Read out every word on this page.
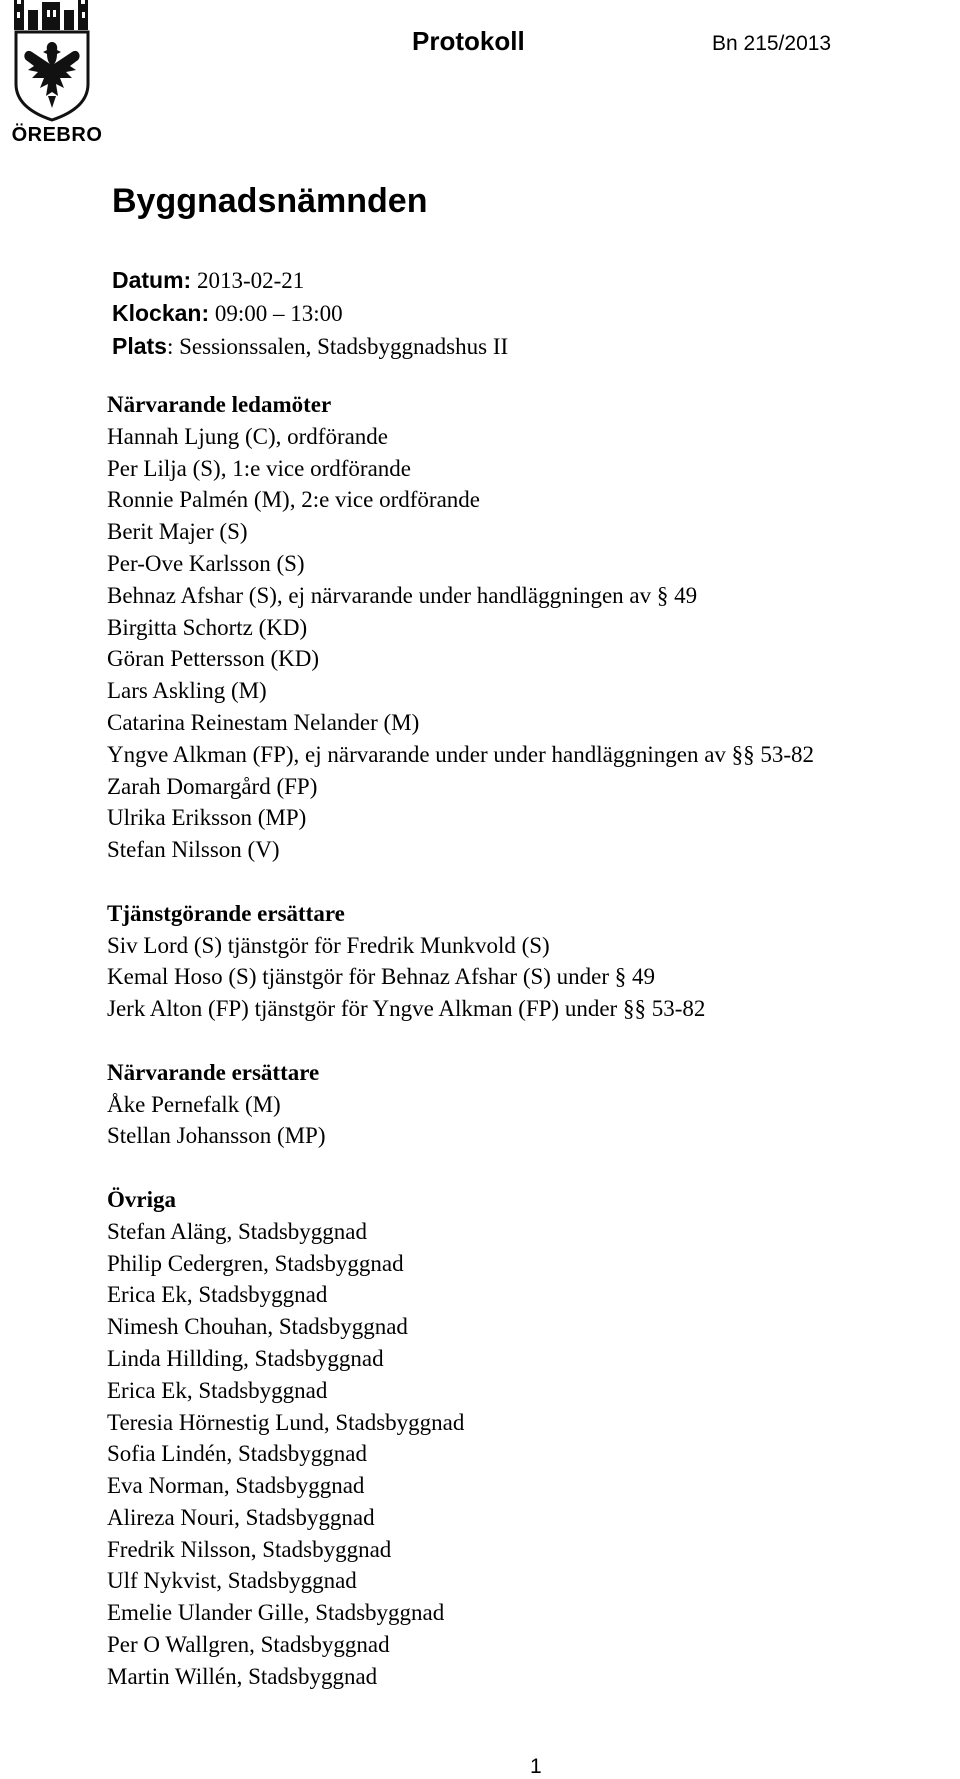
ÖREBRO
Protokoll	Bn 215/2013
Byggnadsnämnden
Datum: 2013-02-21
Klockan: 09:00 – 13:00
Plats: Sessionssalen, Stadsbyggnadshus II
Närvarande ledamöter
Hannah Ljung (C), ordförande
Per Lilja (S), 1:e vice ordförande
Ronnie Palmén (M), 2:e vice ordförande
Berit Majer (S)
Per-Ove Karlsson (S)
Behnaz Afshar (S), ej närvarande under handläggningen av § 49
Birgitta Schortz (KD)
Göran Pettersson (KD)
Lars Askling (M)
Catarina Reinestam Nelander (M)
Yngve Alkman (FP), ej närvarande under under handläggningen av §§ 53-82
Zarah Domargård (FP)
Ulrika Eriksson (MP)
Stefan Nilsson (V)
Tjänstgörande ersättare
Siv Lord (S) tjänstgör för Fredrik Munkvold (S)
Kemal Hoso (S) tjänstgör för Behnaz Afshar (S) under § 49
Jerk Alton (FP) tjänstgör för Yngve Alkman (FP) under §§ 53-82
Närvarande ersättare
Åke Pernefalk (M)
Stellan Johansson (MP)
Övriga
Stefan Aläng, Stadsbyggnad
Philip Cedergren, Stadsbyggnad
Erica Ek, Stadsbyggnad
Nimesh Chouhan, Stadsbyggnad
Linda Hillding, Stadsbyggnad
Erica Ek, Stadsbyggnad
Teresia Hörnestig Lund, Stadsbyggnad
Sofia Lindén, Stadsbyggnad
Eva Norman, Stadsbyggnad
Alireza Nouri, Stadsbyggnad
Fredrik Nilsson, Stadsbyggnad
Ulf Nykvist, Stadsbyggnad
Emelie Ulander Gille, Stadsbyggnad
Per O Wallgren, Stadsbyggnad
Martin Willén, Stadsbyggnad
1
